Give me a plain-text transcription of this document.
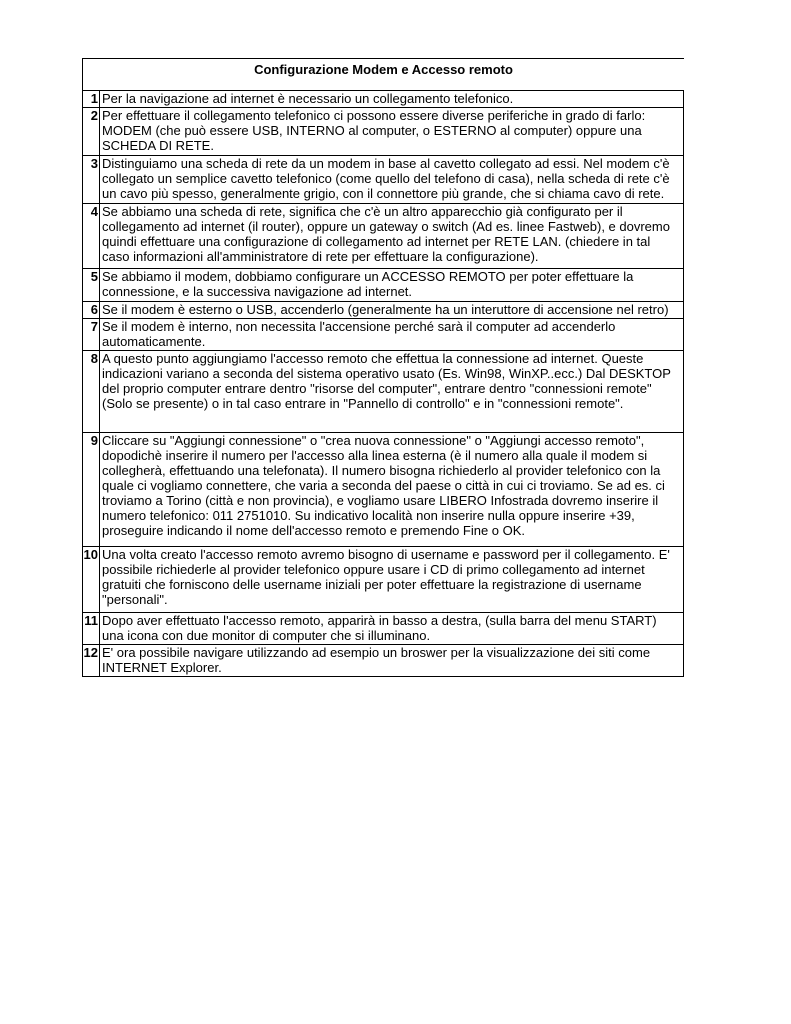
Configurazione Modem e Accesso remoto
1	Per la navigazione ad internet è necessario un collegamento telefonico.
2	Per effettuare il collegamento telefonico ci possono essere diverse periferiche in grado di farlo: MODEM (che può essere USB, INTERNO al computer, o ESTERNO al computer) oppure una SCHEDA DI RETE.
3	Distinguiamo una scheda di rete da un modem in base al cavetto collegato ad essi. Nel modem c'è collegato un semplice cavetto telefonico (come quello del telefono di casa), nella scheda di rete c'è un cavo più spesso, generalmente grigio, con il connettore più grande, che si chiama cavo di rete.
4	Se abbiamo una scheda di rete, significa che c'è un altro apparecchio già configurato per il collegamento ad internet (il router), oppure un gateway o switch (Ad es. linee Fastweb), e dovremo quindi effettuare una configurazione di collegamento ad internet per RETE LAN. (chiedere in tal caso informazioni all'amministratore di rete per effettuare la configurazione).
5	Se abbiamo il modem, dobbiamo configurare un ACCESSO REMOTO per poter effettuare la connessione, e la successiva navigazione ad internet.
6	Se il modem è esterno o USB, accenderlo (generalmente ha un interuttore di accensione nel retro)
7	Se il modem è interno, non necessita l'accensione perché sarà il computer ad accenderlo automaticamente.
8	A questo punto aggiungiamo l'accesso remoto che effettua la connessione ad internet. Queste indicazioni variano a seconda del sistema operativo usato (Es. Win98, WinXP..ecc.) Dal DESKTOP del proprio computer entrare dentro "risorse del computer", entrare dentro "connessioni remote" (Solo se presente) o in tal caso entrare in "Pannello di controllo" e in "connessioni remote".
9	Cliccare su "Aggiungi connessione" o "crea nuova connessione" o "Aggiungi accesso remoto", dopodichè inserire il numero per l'accesso alla linea esterna (è il numero alla quale il modem si collegherà, effettuando una telefonata). Il numero bisogna richiederlo al provider telefonico con la quale ci vogliamo connettere, che varia a seconda del paese o città in cui ci troviamo. Se ad es. ci troviamo a Torino (città e non provincia), e vogliamo usare LIBERO Infostrada dovremo inserire il numero telefonico: 011 2751010. Su indicativo località non inserire nulla oppure inserire +39, proseguire indicando il nome dell'accesso remoto e premendo Fine o OK.
10	Una volta creato l'accesso remoto avremo bisogno di username e password per il collegamento. E' possibile richiederle al provider telefonico oppure usare i CD di primo collegamento ad internet gratuiti che forniscono delle username iniziali per poter effettuare la registrazione di username "personali".
11	Dopo aver effettuato l'accesso remoto, apparirà in basso a destra, (sulla barra del menu START) una icona con due monitor di computer che si illuminano.
12	E' ora possibile navigare utilizzando ad esempio un broswer per la visualizzazione dei siti come INTERNET Explorer.
